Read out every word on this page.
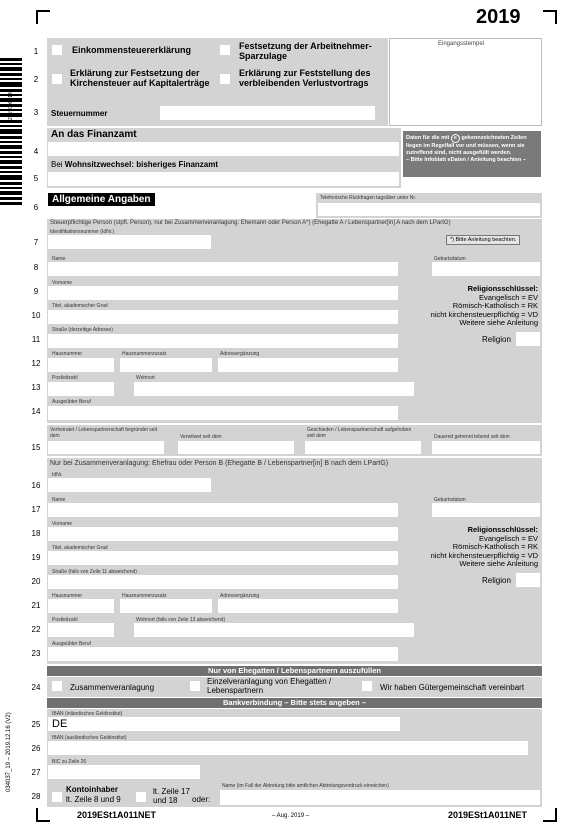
2019
2019000014
034037_19 – 2019.12.16 (V2)
1
2
3
4
5
6
7
8
9
10
11
12
13
14
15
16
17
18
19
20
21
22
23
24
25
26
27
28
Eingangsstempel
Einkommensteuererklärung	Festsetzung der Arbeitnehmer-Sparzulage
Erklärung zur Festsetzung der Kirchensteuer auf Kapitalerträge
Erklärung zur Feststellung des verbleibenden Verlustvortrags
Steuernummer
An das Finanzamt
Bei Wohnsitzwechsel: bisheriges Finanzamt
Daten für die mit e gekennzeichneten Zeilen liegen im Regelfall vor und müssen, wenn sie zutreffend sind, nicht ausgefüllt werden.
– Bitte Infoblatt eDaten / Anleitung beachten –
Allgemeine Angaben	Telefonische Rückfragen tagsüber unter Nr.
Steuerpflichtige Person (stpfl. Person), nur bei Zusammenveranlagung: Ehemann oder Person A*) (Ehegatte A / Lebenspartner[in] A nach dem LPartG)
Identifikationsnummer (IdNr.)
*) Bitte Anleitung beachten.
Name	Geburtsdatum
Vorname
Religionsschlüssel:
Evangelisch = EV
Römisch-Katholisch = RK
nicht kirchensteuerpflichtig = VD
Weitere siehe Anleitung
Titel, akademischer Grad
Straße (derzeitige Adresse)
Religion
Hausnummer	Hausnummerzusatz	Adressergänzung
Postleitzahl	Wohnort
Ausgeübter Beruf
Verheiratet / Lebenspartnerschaft begründet seit dem	Verwitwet seit dem
Geschieden / Lebenspartnerschaft aufgehoben seit dem	Dauernd getrennt lebend seit dem
Nur bei Zusammenveranlagung: Ehefrau oder Person B (Ehegatte B / Lebenspartner[in] B nach dem LPartG)
IdNr.
Name	Geburtsdatum
Vorname
Religionsschlüssel:
Evangelisch = EV
Römisch-Katholisch = RK
nicht kirchensteuerpflichtig = VD
Weitere siehe Anleitung
Titel, akademischer Grad
Straße (falls von Zeile 11 abweichend)
Religion
Hausnummer	Hausnummerzusatz	Adressergänzung
Postleitzahl	Wohnort (falls von Zeile 13 abweichend)
Ausgeübter Beruf
Nur von Ehegatten / Lebenspartnern auszufüllen
Zusammenveranlagung
Einzelveranlagung von Ehegatten / Lebenspartnern	Wir haben Gütergemeinschaft vereinbart
Bankverbindung – Bitte stets angeben –
IBAN (inländisches Geldinstitut)
DE
IBAN (ausländisches Geldinstitut)
BIC zu Zeile 26
Kontoinhaber
lt. Zeile 8 und 9
lt. Zeile 17 und 18	oder:
Name (im Fall der Abtretung bitte amtlichen Abtretungsvordruck einreichen)
2019ESt1A011NET	– Aug. 2019 –	2019ESt1A011NET
